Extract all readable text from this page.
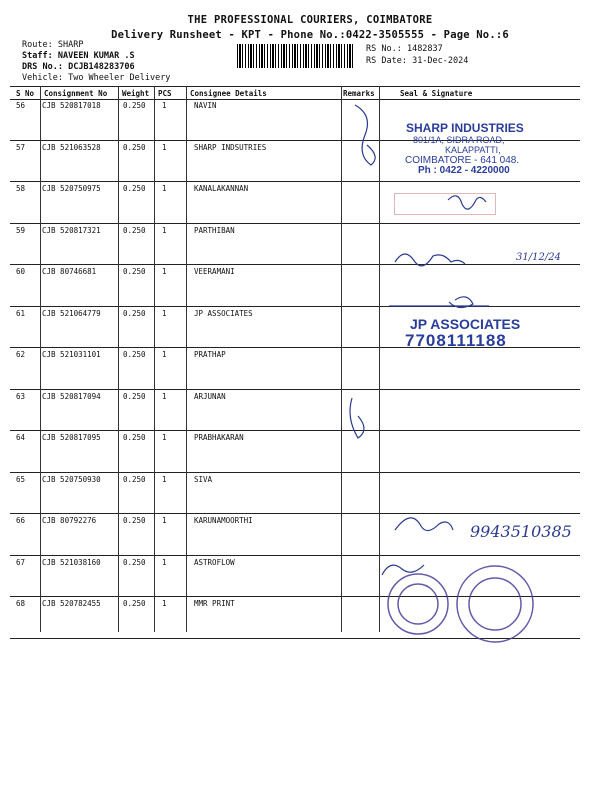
THE PROFESSIONAL COURIERS, COIMBATORE
Delivery Runsheet - KPT - Phone No.:0422-3505555 - Page No.:6
Route: SHARP
Staff: NAVEEN KUMAR .S
DRS No.: DCJB148283706
Vehicle: Two Wheeler Delivery
RS No.: 1482837
RS Date: 31-Dec-2024
S No Consignment No Weight PCS Consignee Details	Remarks	Seal & Signature
56 CJB 520817018	0.250 1	NAVIN
57 CJB 521063528	0.250 1	SHARP INDSUTRIES
58 CJB 520750975	0.250 1	KANALAKANNAN
59 CJB 520817321	0.250 1	PARTHIBAN
60 CJB 80746681	0.250 1	VEERAMANI
61 CJB 521064779	0.250 1	JP ASSOCIATES
62 CJB 521031101	0.250 1	PRATHAP
63 CJB 520817094	0.250 1	ARJUNAN
64 CJB 520817095	0.250 1	PRABHAKARAN
65 CJB 520750930	0.250 1	SIVA
66 CJB 80792276	0.250 1	KARUNAMOORTHI
67 CJB 521038160	0.250 1	ASTROFLOW
68 CJB 520782455	0.250 1	MMR PRINT
SHARP INDUSTRIES
801/1A, SIDRA ROAD,
KALAPPATTI,
COIMBATORE - 641 048.
Ph : 0422 - 4220000
JP ASSOCIATES
7708111188
31/12/24
9943510385
